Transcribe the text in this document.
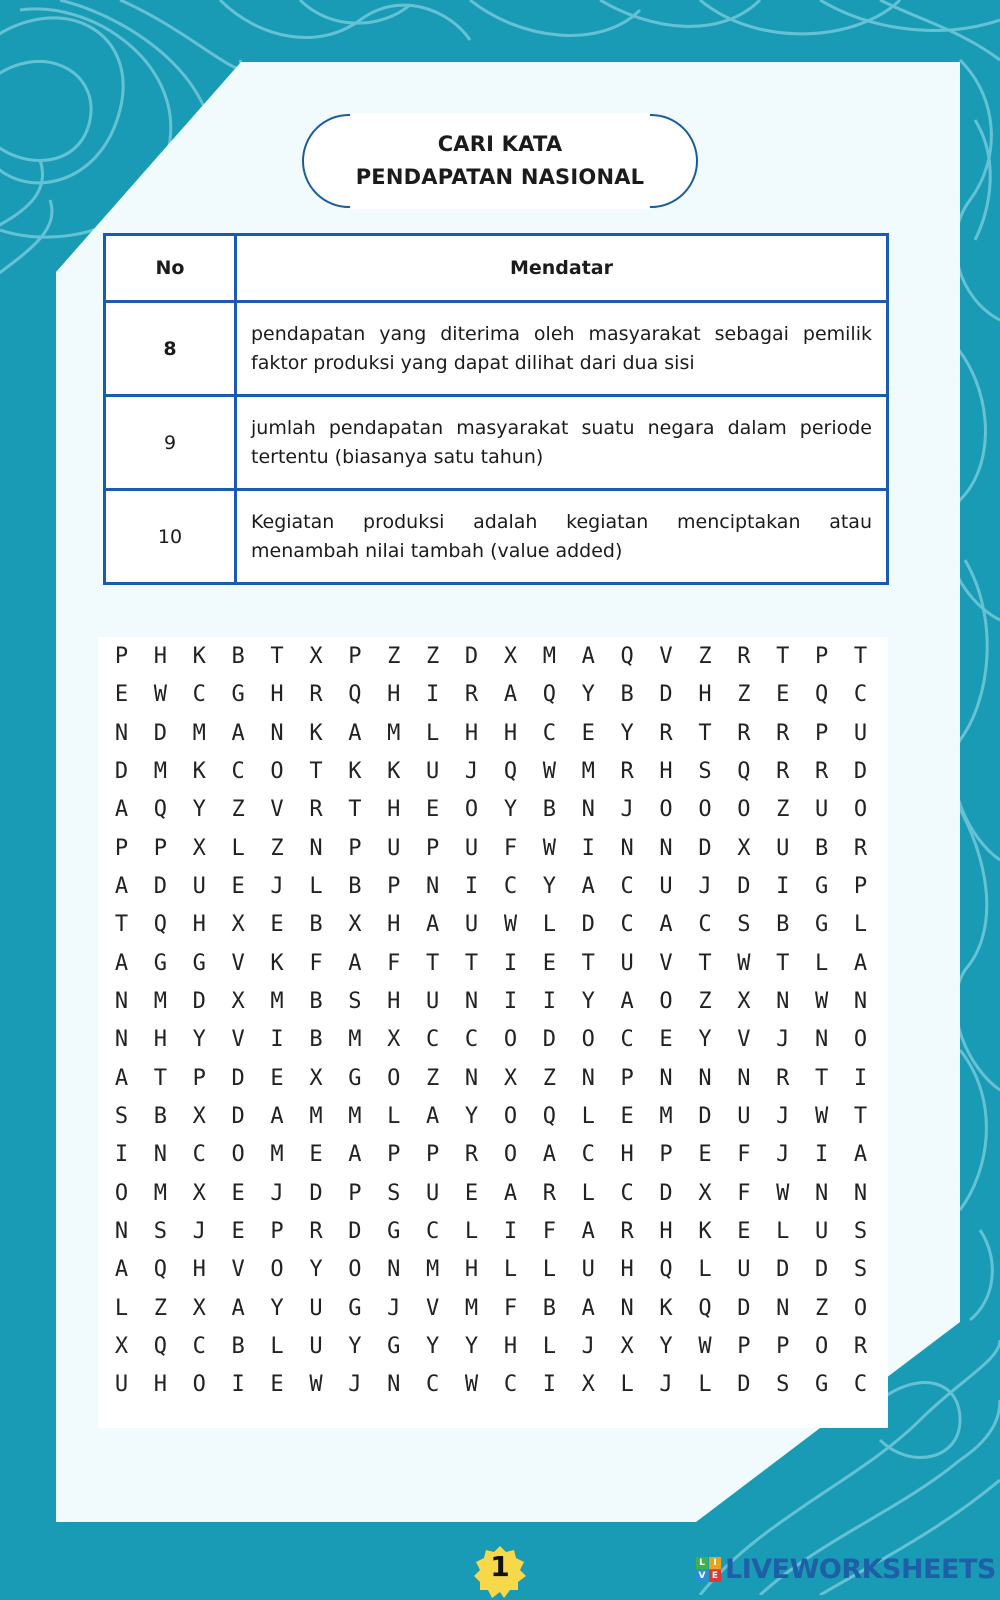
CARI KATA
PENDAPATAN NASIONAL
No	Mendatar
8	pendapatan yang diterima oleh masyarakat sebagai pemilik faktor produksi yang dapat dilihat dari dua sisi
9	jumlah pendapatan masyarakat suatu negara dalam periode tertentu (biasanya satu tahun)
10	Kegiatan produksi adalah kegiatan menciptakan atau menambah nilai tambah (value added)
P	H	K	B	T	X	P	Z	Z	D	X	M	A	Q	V	Z	R	T	P	T
E	W	C	G	H	R	Q	H	I	R	A	Q	Y	B	D	H	Z	E	Q	C
N	D	M	A	N	K	A	M	L	H	H	C	E	Y	R	T	R	R	P	U
D	M	K	C	O	T	K	K	U	J	Q	W	M	R	H	S	Q	R	R	D
A	Q	Y	Z	V	R	T	H	E	O	Y	B	N	J	O	O	O	Z	U	O
P	P	X	L	Z	N	P	U	P	U	F	W	I	N	N	D	X	U	B	R
A	D	U	E	J	L	B	P	N	I	C	Y	A	C	U	J	D	I	G	P
T	Q	H	X	E	B	X	H	A	U	W	L	D	C	A	C	S	B	G	L
A	G	G	V	K	F	A	F	T	T	I	E	T	U	V	T	W	T	L	A
N	M	D	X	M	B	S	H	U	N	I	I	Y	A	O	Z	X	N	W	N
N	H	Y	V	I	B	M	X	C	C	O	D	O	C	E	Y	V	J	N	O
A	T	P	D	E	X	G	O	Z	N	X	Z	N	P	N	N	N	R	T	I
S	B	X	D	A	M	M	L	A	Y	O	Q	L	E	M	D	U	J	W	T
I	N	C	O	M	E	A	P	P	R	O	A	C	H	P	E	F	J	I	A
O	M	X	E	J	D	P	S	U	E	A	R	L	C	D	X	F	W	N	N
N	S	J	E	P	R	D	G	C	L	I	F	A	R	H	K	E	L	U	S
A	Q	H	V	O	Y	O	N	M	H	L	L	U	H	Q	L	U	D	D	S
L	Z	X	A	Y	U	G	J	V	M	F	B	A	N	K	Q	D	N	Z	O
X	Q	C	B	L	U	Y	G	Y	Y	H	L	J	X	Y	W	P	P	O	R
U	H	O	I	E	W	J	N	C	W	C	I	X	L	J	L	D	S	G	C
1	L I
V E LIVEWORKSHEETS
